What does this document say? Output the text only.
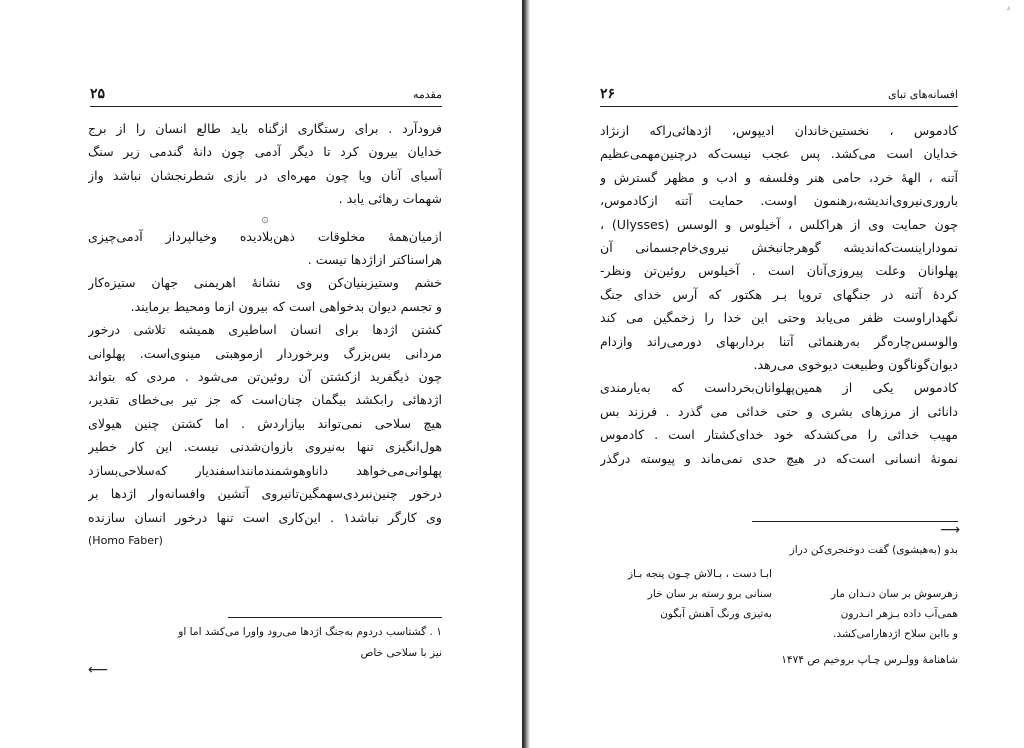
۲۵	مقدمه

فرودآرد . برای رستگاری ازگناه باید طالع انسان را از برج
خدایان بیرون کرد تا دیگر آدمی چون دانهٔ گندمی زیر سنگ
آسیای آنان ویا چون مهره‌ای در بازی شطرنجشان نباشد واز
شهمات رهائی یابد .

۞

ازمیان‌همهٔ مخلوقات ذهن‌بلادیده وخیالپرداز آدمی‌چیزی
هراسناکتر ازاژدها نیست .

خشم وستیزبنیان‌کن وی نشانهٔ اهریمنی جهان ستیزه‌کار
و تجسم دیوان بدخواهی است که بیرون ازما ومحیط برمایند.

کشتن اژدها برای انسان اساطیری همیشه تلاشی درخور
مردانی بس‌بزرگ وبرخوردار ازموهبتی مینوی‌است. پهلوانی
چون ذیگفرید ازکشتن آن روئین‌تن می‌شود . مردی که بتواند
اژدهائی رابکشد بیگمان چنان‌است که جز تیر بی‌خطای تقدیر،
هیچ سلاحی نمی‌تواند بیازاردش . اما کشتن چنین هیولای
هول‌انگیزی تنها به‌نیروی بازوان‌شدنی نیست. این کار خطیر
پهلوانی‌می‌خواهد داناوهوشمندمانندا‌سفندیار که‌سلاحی‌بسازد
درخور چنین‌نبردی‌سهمگین‌تانیروی آتشین وافسانه‌وار اژدها بر
وی کارگر نباشد۱ . این‌کاری است تنها درخور انسان سازنده
(Homo Faber)

۱ . گشتاسب دردوم به‌جنگ اژدها می‌رود واورا می‌کشد اما او
نیز با سلاحی خاص
⟵
د
۲۶	افسانه‌های تبای

کادموس ، نخستین‌خاندان ادیپوس، اژدهائی‌راکه ازنژاد
خدایان است می‌کشد. پس عجب نیست‌که درچنین‌مهمی‌عظیم
آتنه ، الههٔ خرد، حامی هنر وفلسفه و ادب و مظهر گسترش و
باروری‌نیروی‌اندیشه،رهنمون اوست. حمایت آتنه ازکادموس،
چون حمایت وی از هراکلس ، آخیلوس و الوسس (Ulysses) ،
نموداراینست‌که‌اندیشه گوهرجانبخش نیروی‌خام‌جسمانی آن
پهلوانان وعلت پیروزی‌آنان است . آخیلوس روئین‌تن ونظر-
کردهٔ آتنه در جنگهای تروپا بـر هکتور که آرس خدای جنگ
نگهداراوست ظفر می‌یابد وحتی این خدا را زخمگین می کند
والوسس‌چاره‌گر به‌رهنمائی آتنا برداربهای دورمی‌راند وازدام
دیوان‌گوناگون وطبیعت دیوخوی می‌رهد.

کادموس یکی از همین‌پهلوانان‌بخرداست که به‌یارمندی
دانائی از مرزهای بشری و حتی خدائی می گذرد . فرزند بس
مهیب خدائی را می‌کشدکه خود خدای‌کشتار است . کادموس
نمونهٔ انسانی است‌که در هیچ حدی نمی‌ماند و پیوسته درگذر

⟶
بدو (به‌هیشوی) گفت دوخنجری‌کن دراز
ابـا دست ، بـالاش چـون پنجه بـاز
زهرسوش بر سان دنـدان مار
سنانی برو رسته بر سان خار
همی‌آب داده بـزهر انـدرون
به‌تیزی ورنگ آهنش آبگون
و بااین سلاح اژدهارامی‌کشد.
شاهنامهٔ وولـرس چـاپ بروخیم ص ۱۴۷۴
